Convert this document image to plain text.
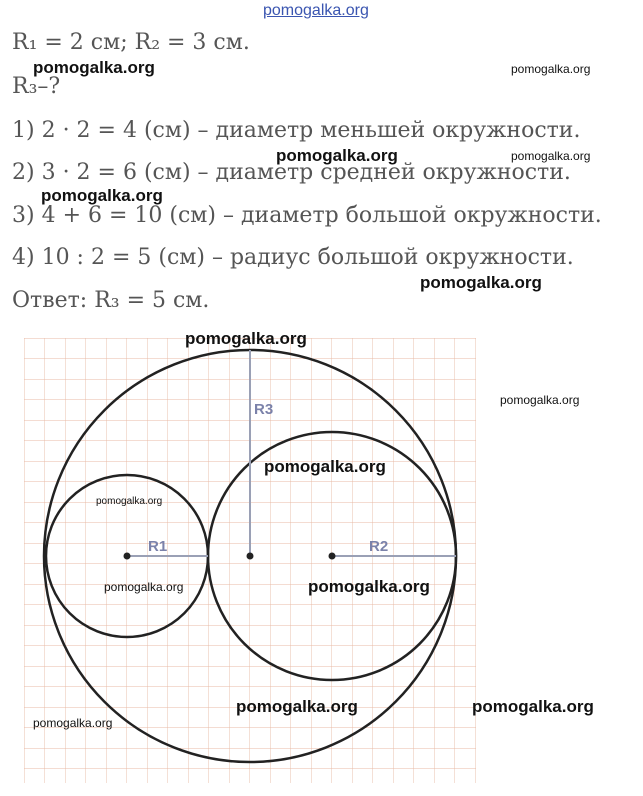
R₁ = 2 см; R₂ = 3 см.
R₃–?
1) 2 · 2 = 4 (см) – диаметр меньшей окружности.
2) 3 · 2 = 6 (см) – диаметр средней окружности.
3) 4 + 6 = 10 (см) – диаметр большой окружности.
4) 10 : 2 = 5 (см) – радиус большой окружности.
Ответ: R₃ = 5 см.
R1	R2
R3
pomogalka.org
pomogalka.org	pomogalka.org
pomogalka.org	pomogalka.org
pomogalka.org
pomogalka.org
pomogalka.org
pomogalka.org
pomogalka.org
pomogalka.org
pomogalka.org	pomogalka.org
pomogalka.org	pomogalka.org
pomogalka.org
